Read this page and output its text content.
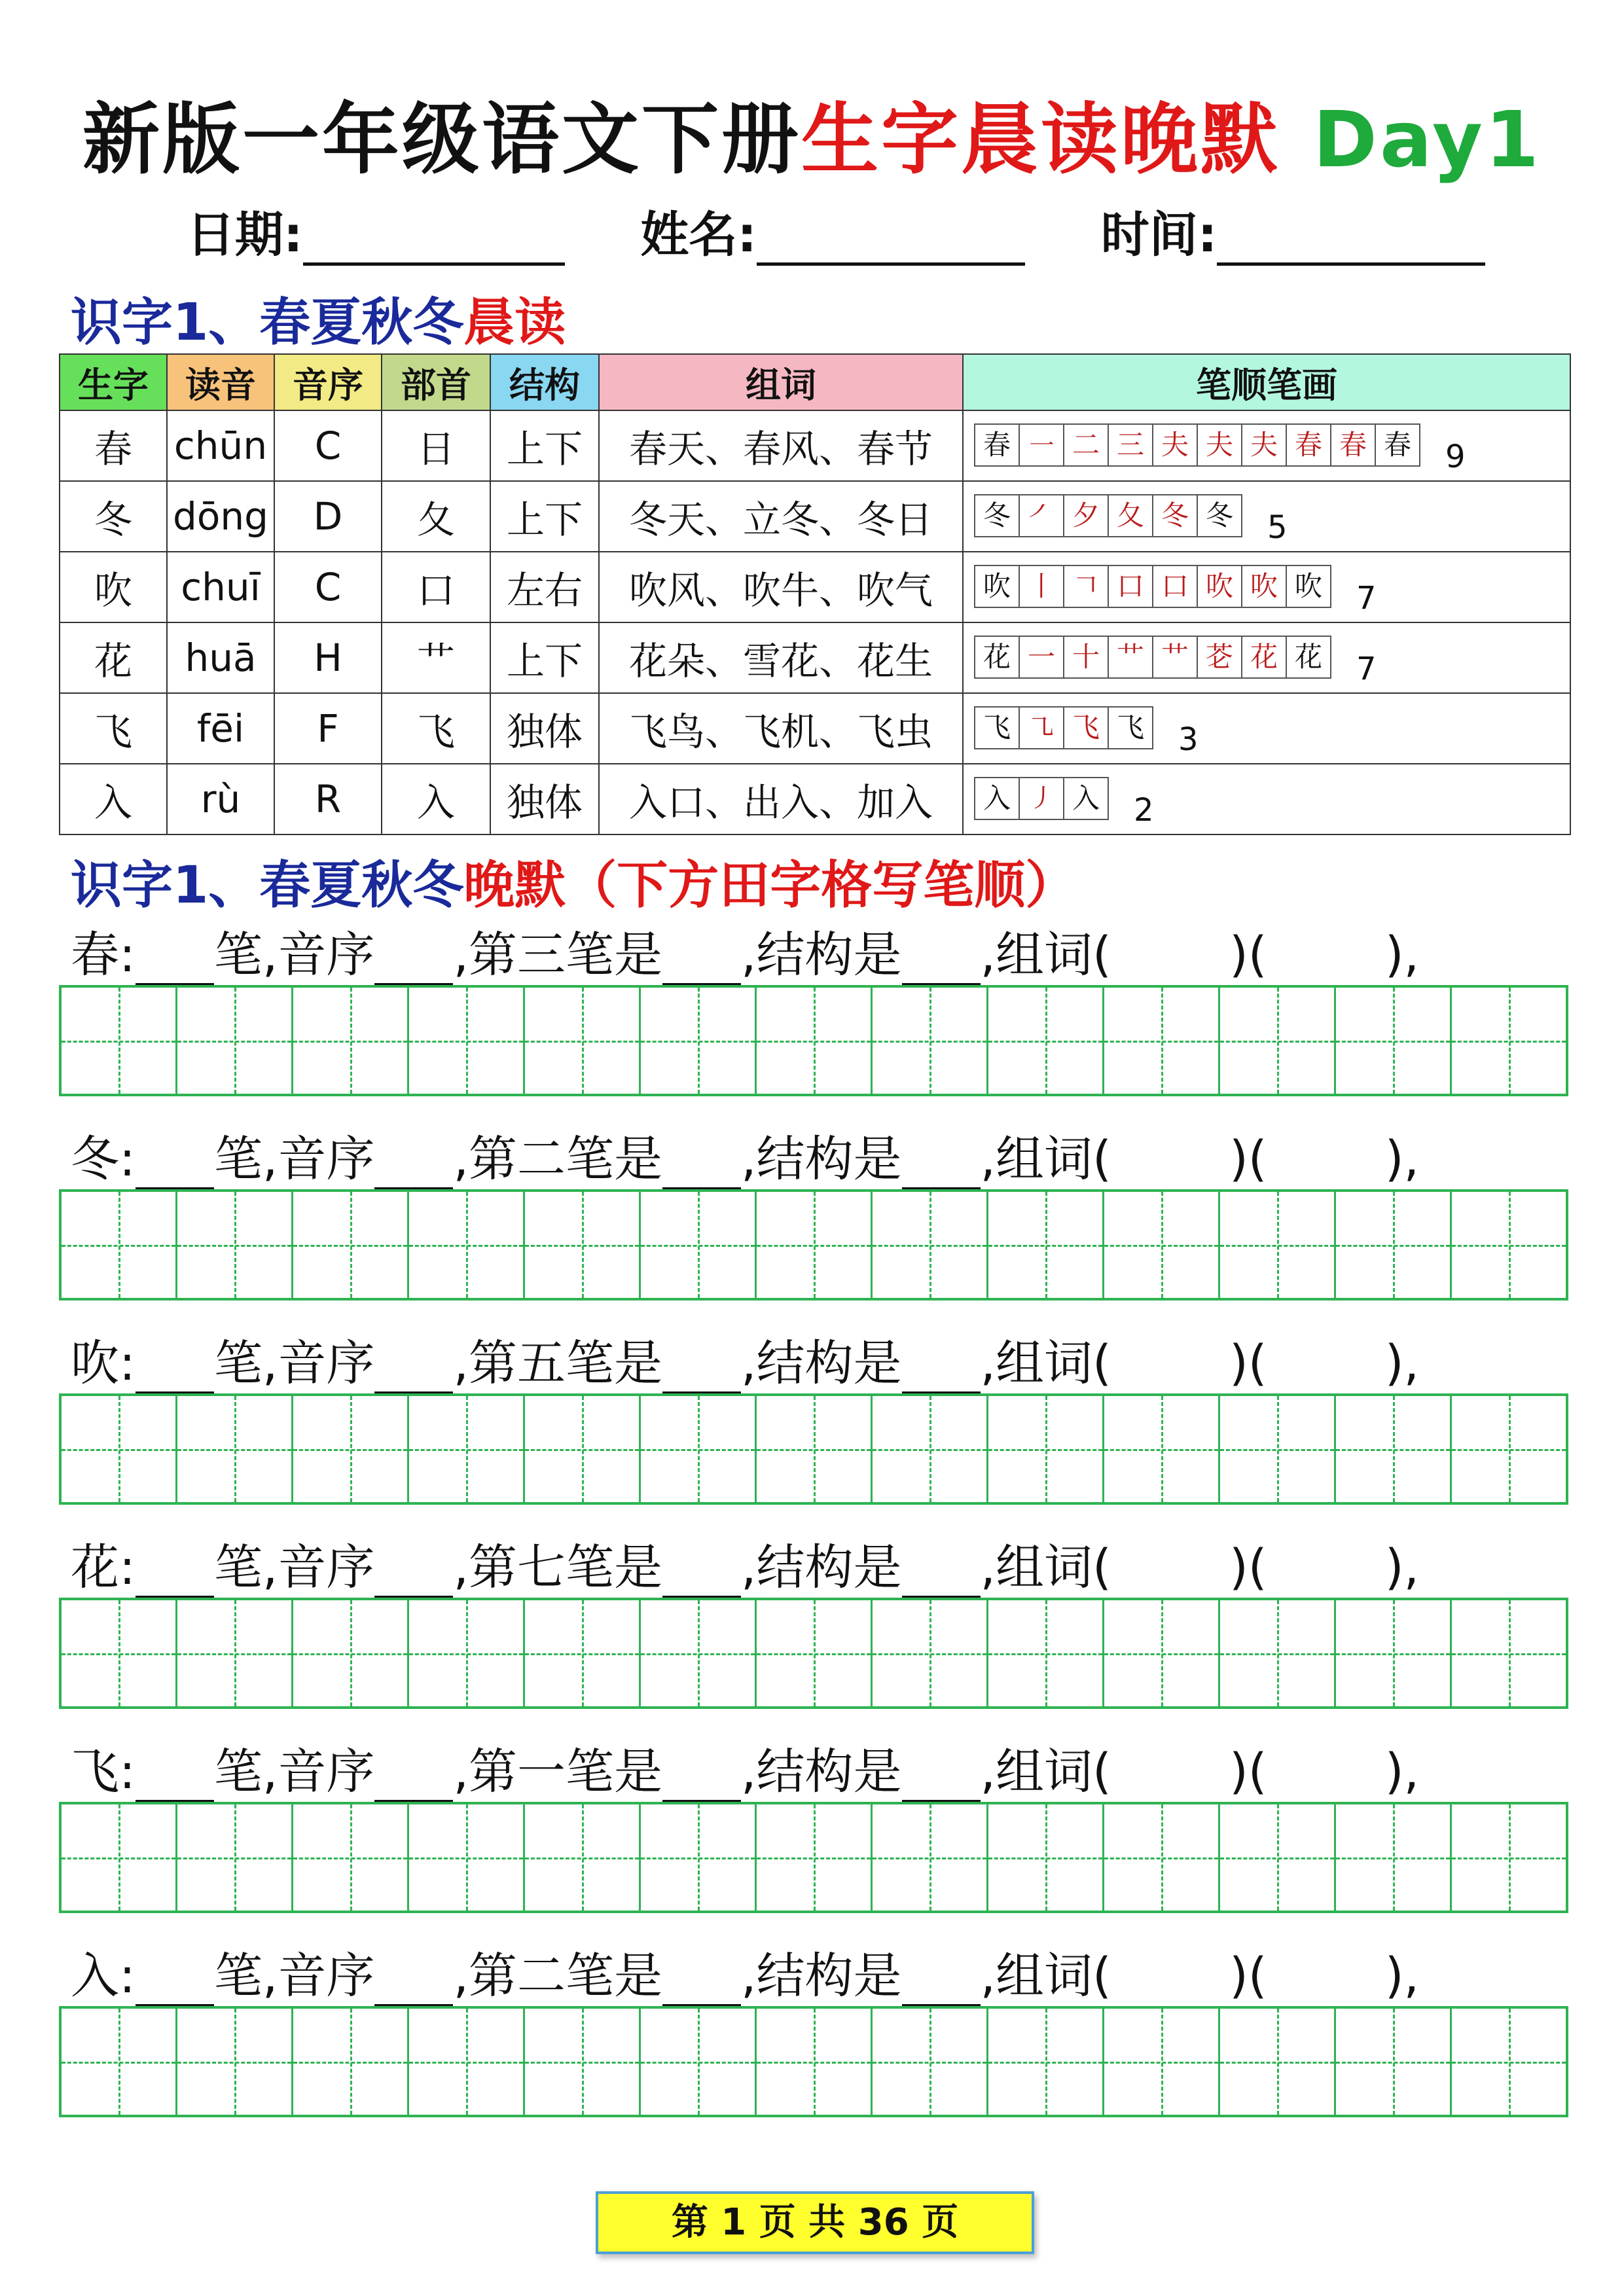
新版一年级语文下册生字晨读晚默 Day1
日期:	姓名:	时间:
识字1、春夏秋冬晨读
生字	读音	音序	部首	结构	组词	笔顺笔画
春	chūn	C	日	上下	春天、春风、春节	春 ㇐ 二 三 夫 夫 夫 春 春 春 9

冬	dōng	D	夂	上下	冬天、立冬、冬日	冬 ㇒ 夕 夂 冬 冬 5

吹	chuī	C	口	左右	吹风、吹牛、吹气	吹 丨 𠃍 口 口 吹 吹 吹 7

花	huā	H	艹	上下	花朵、雪花、花生	花 一 十 艹 艹 芲 花 花 7

飞	fēi	F	飞	独体	飞鸟、飞机、飞虫	飞 ㇈ 飞 飞 3

入	rù	R	入	独体	入口、出入、加入	入 ㇓ 入 2
识字1、春夏秋冬晚默（下方田字格写笔顺）
春: 笔,音序 ,第三笔是 ,结构是 ,组词( )( ),
冬: 笔,音序 ,第二笔是 ,结构是 ,组词( )( ),
吹: 笔,音序 ,第五笔是 ,结构是 ,组词( )( ),
花: 笔,音序 ,第七笔是 ,结构是 ,组词( )( ),
飞: 笔,音序 ,第一笔是 ,结构是 ,组词( )( ),
入: 笔,音序 ,第二笔是 ,结构是 ,组词( )( ),
第 1 页 共 36 页
